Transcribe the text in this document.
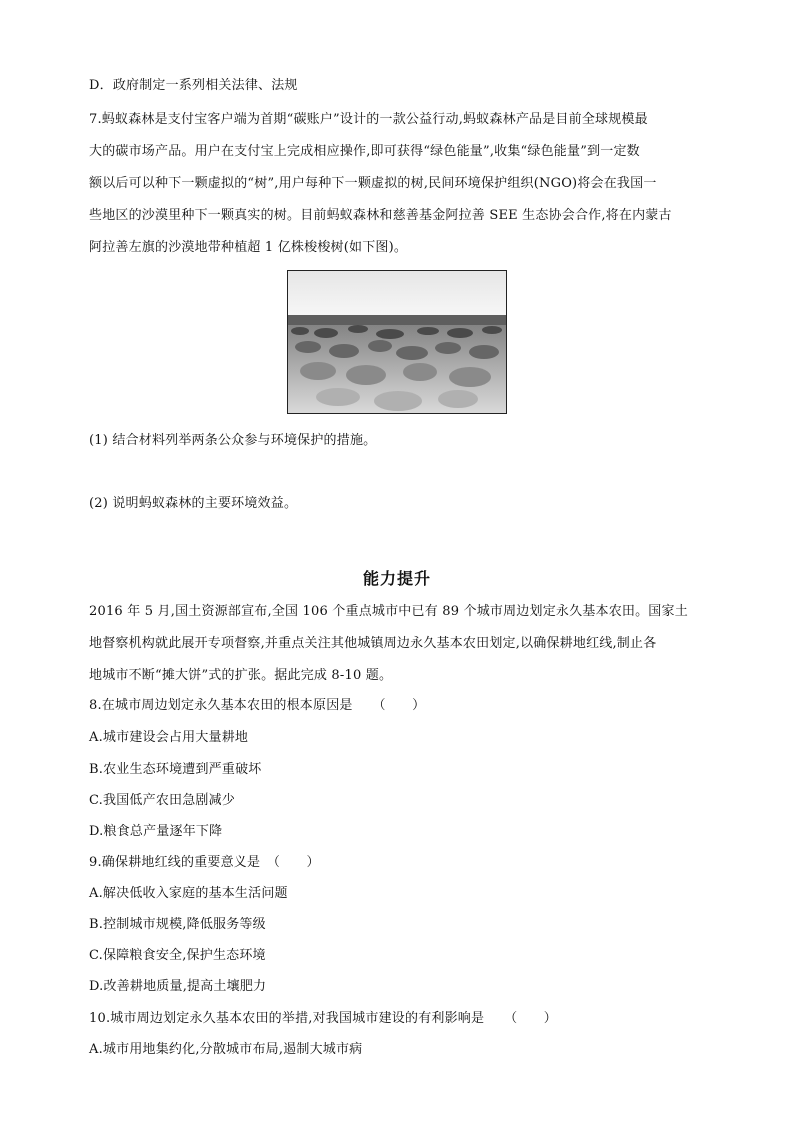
D．政府制定一系列相关法律、法规
7.蚂蚁森林是支付宝客户端为首期“碳账户”设计的一款公益行动,蚂蚁森林产品是目前全球规模最
大的碳市场产品。用户在支付宝上完成相应操作,即可获得“绿色能量”,收集“绿色能量”到一定数
额以后可以种下一颗虚拟的“树”,用户每种下一颗虚拟的树,民间环境保护组织(NGO)将会在我国一
些地区的沙漠里种下一颗真实的树。目前蚂蚁森林和慈善基金阿拉善 SEE 生态协会合作,将在内蒙古
阿拉善左旗的沙漠地带种植超 1 亿株梭梭树(如下图)。
(1) 结合材料列举两条公众参与环境保护的措施。
(2) 说明蚂蚁森林的主要环境效益。
能力提升
2016 年 5 月,国土资源部宣布,全国 106 个重点城市中已有 89 个城市周边划定永久基本农田。国家土
地督察机构就此展开专项督察,并重点关注其他城镇周边永久基本农田划定,以确保耕地红线,制止各
地城市不断“摊大饼”式的扩张。据此完成 8-10 题。
8.在城市周边划定永久基本农田的根本原因是　　（　　）
A.城市建设会占用大量耕地
B.农业生态环境遭到严重破坏
C.我国低产农田急剧减少
D.粮食总产量逐年下降
9.确保耕地红线的重要意义是　（　　）
A.解决低收入家庭的基本生活问题
B.控制城市规模,降低服务等级
C.保障粮食安全,保护生态环境
D.改善耕地质量,提高土壤肥力
10.城市周边划定永久基本农田的举措,对我国城市建设的有利影响是　　（　　）
A.城市用地集约化,分散城市布局,遏制大城市病
